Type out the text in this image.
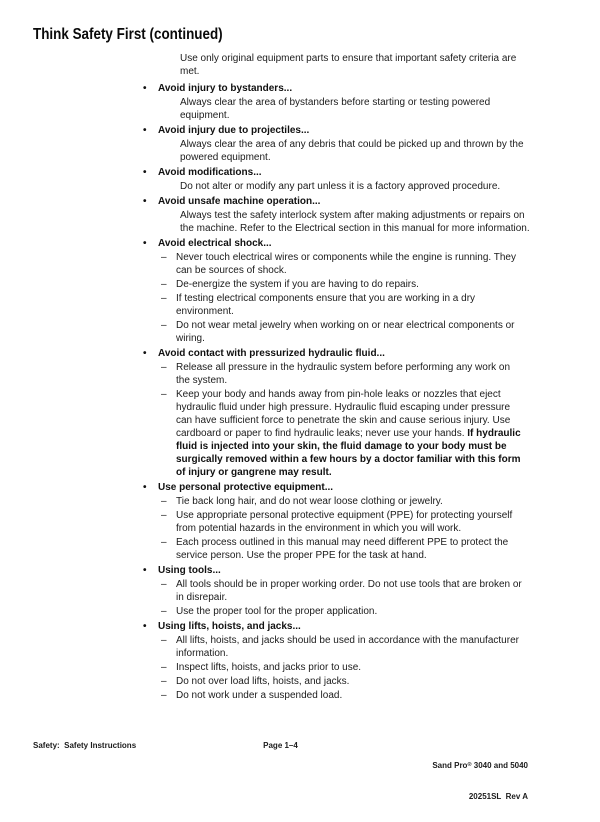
Think Safety First (continued)

Use only original equipment parts to ensure that important safety criteria are met.

•	Avoid injury to bystanders...

Always clear the area of bystanders before starting or testing powered equipment.

•	Avoid injury due to projectiles...

Always clear the area of any debris that could be picked up and thrown by the powered equipment.

•	Avoid modifications...

Do not alter or modify any part unless it is a factory approved procedure.

•	Avoid unsafe machine operation...

Always test the safety interlock system after making adjustments or repairs on the machine. Refer to the Electrical section in this manual for more information.

•	Avoid electrical shock...
– Never touch electrical wires or components while the engine is running. They can be sources of shock.
– De-energize the system if you are having to do repairs.
– If testing electrical components ensure that you are working in a dry environment.
– Do not wear metal jewelry when working on or near electrical components or wiring.
•	Avoid contact with pressurized hydraulic fluid...
– Release all pressure in the hydraulic system before performing any work on the system.
– Keep your body and hands away from pin-hole leaks or nozzles that eject hydraulic fluid under high pressure. Hydraulic fluid escaping under pressure can have sufficient force to penetrate the skin and cause serious injury. Use cardboard or paper to find hydraulic leaks; never use your hands. If hydraulic fluid is injected into your skin, the fluid damage to your body must be surgically removed within a few hours by a doctor familiar with this form of injury or gangrene may result.
•	Use personal protective equipment...
– Tie back long hair, and do not wear loose clothing or jewelry.
– Use appropriate personal protective equipment (PPE) for protecting yourself from potential hazards in the environment in which you will work.
– Each process outlined in this manual may need different PPE to protect the service person. Use the proper PPE for the task at hand.
•	Using tools...
– All tools should be in proper working order. Do not use tools that are broken or in disrepair.
– Use the proper tool for the proper application.
•	Using lifts, hoists, and jacks...
– All lifts, hoists, and jacks should be used in accordance with the manufacturer information.
– Inspect lifts, hoists, and jacks prior to use.
– Do not over load lifts, hoists, and jacks.
– Do not work under a suspended load.
Safety:  Safety Instructions	Page 1–4

Sand Pro® 3040 and 5040

20251SL  Rev A
